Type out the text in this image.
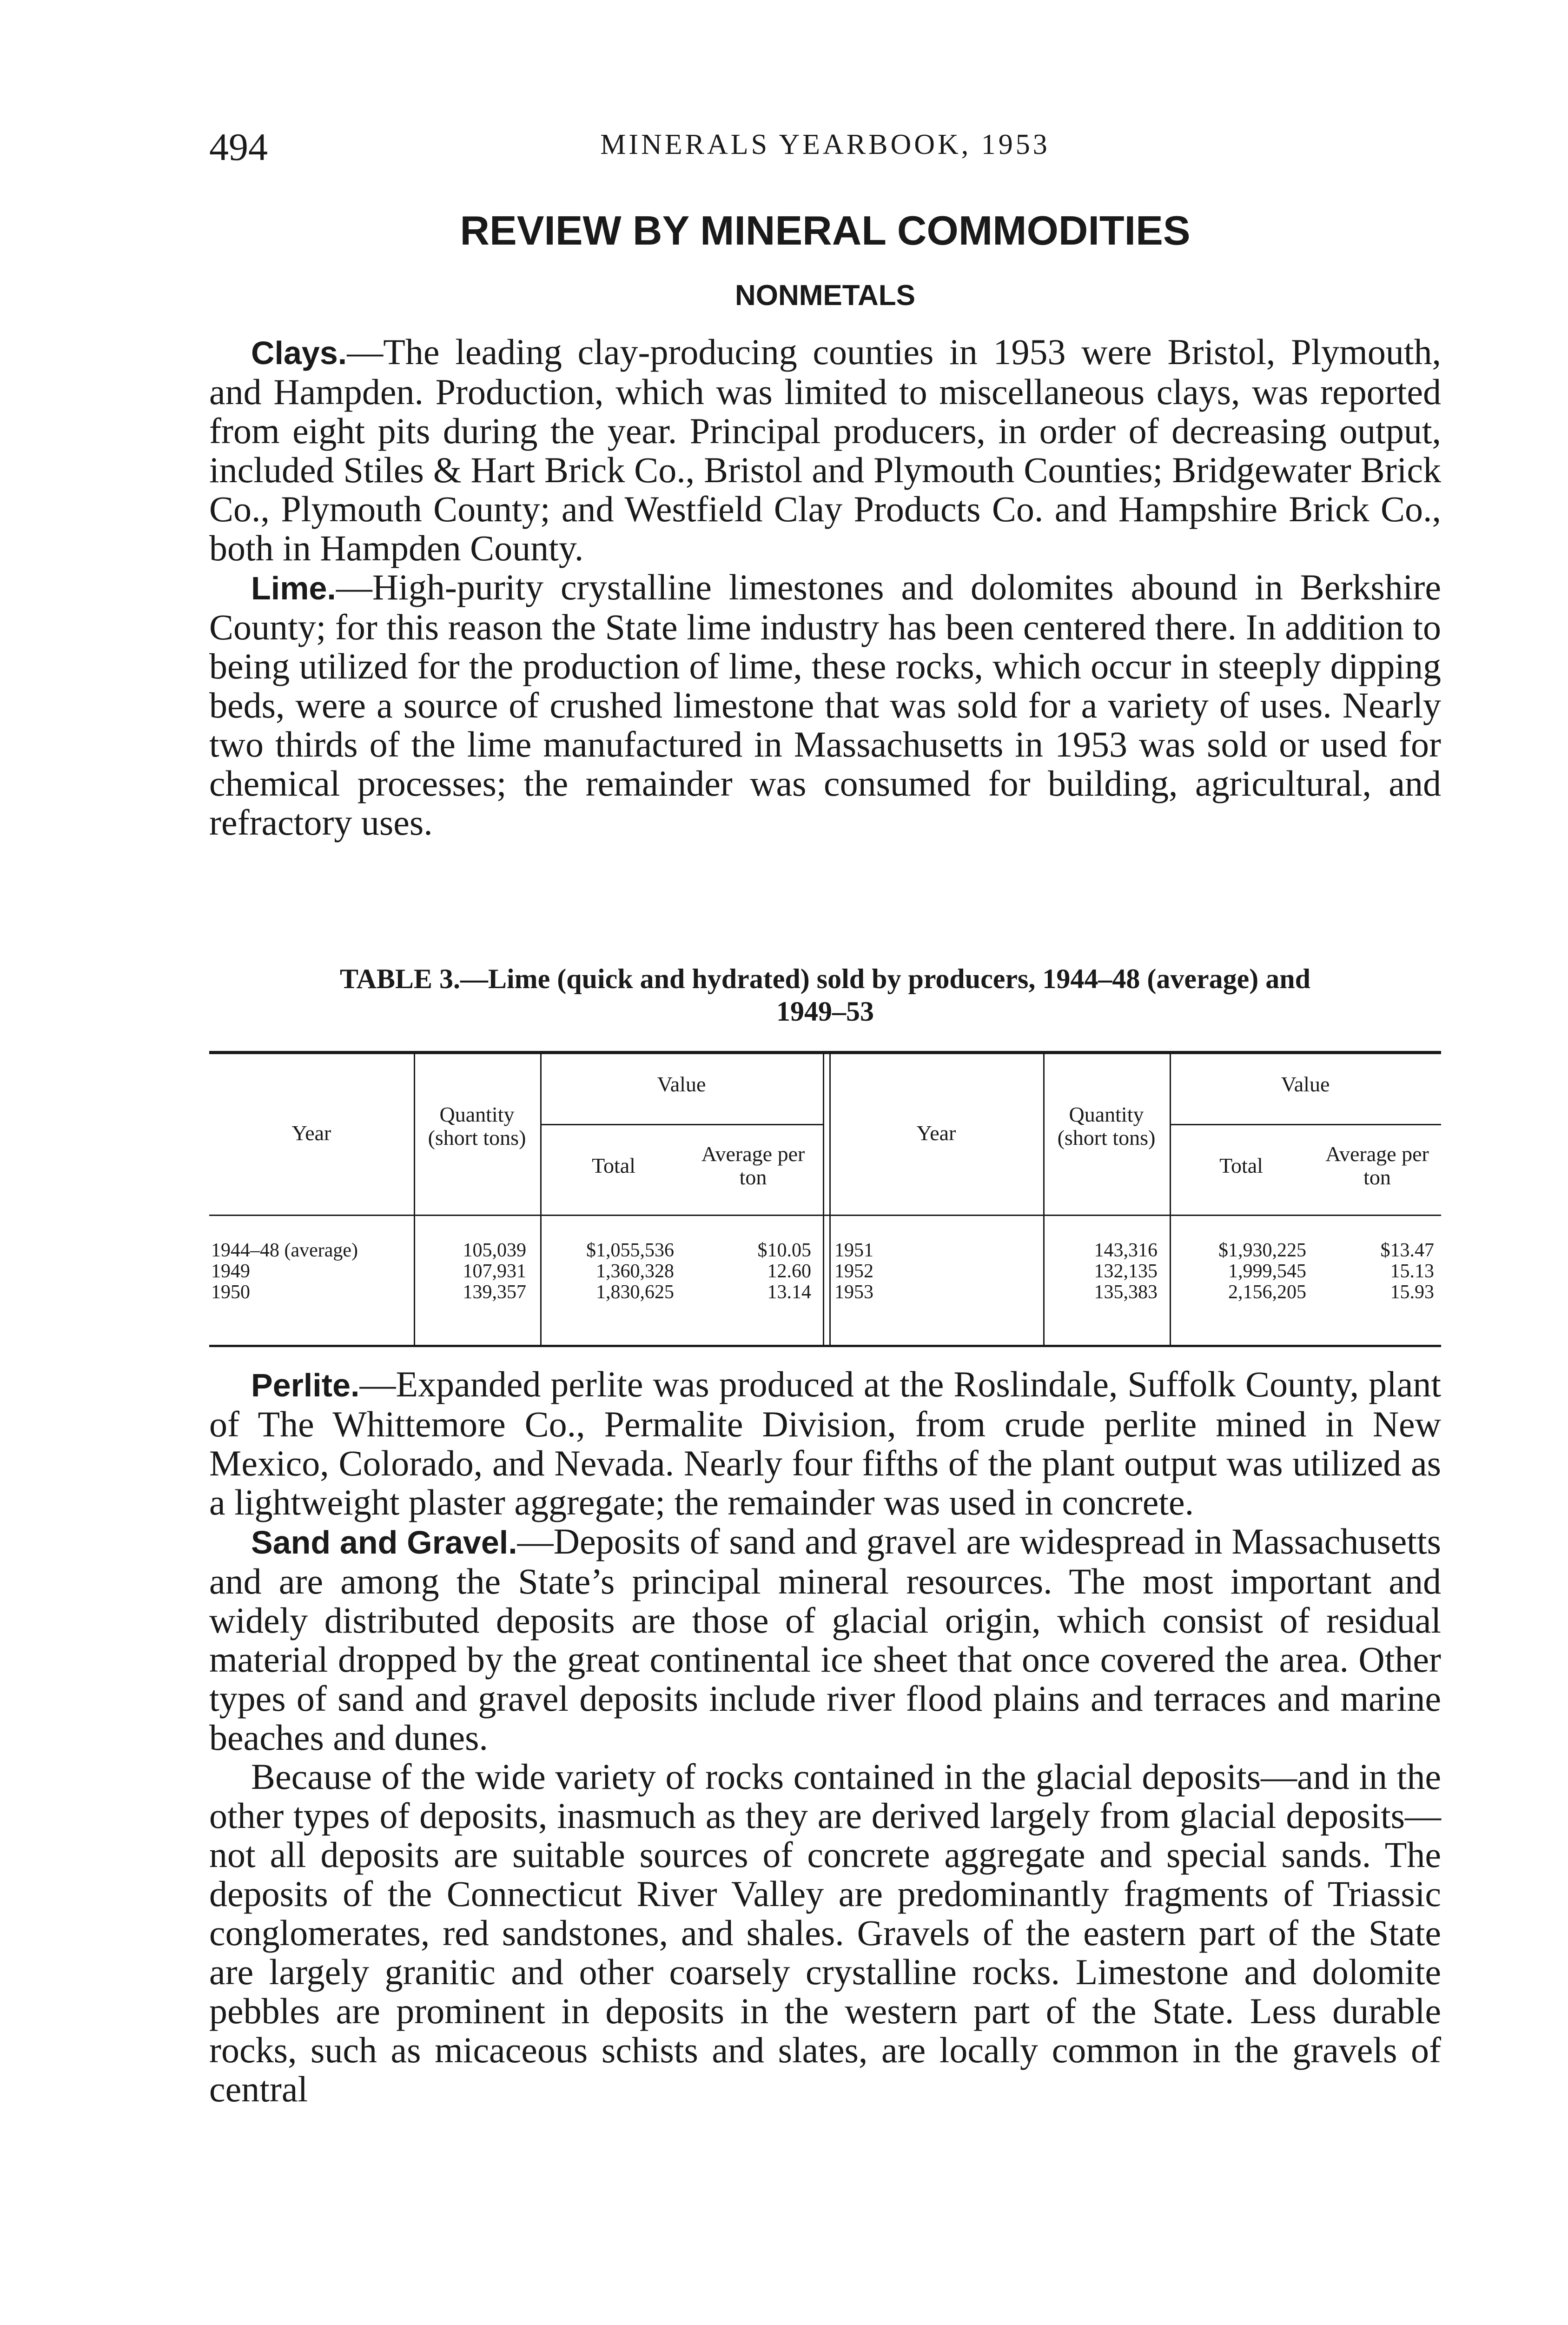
494	MINERALS YEARBOOK, 1953
REVIEW BY MINERAL COMMODITIES
NONMETALS

Clays.—The leading clay-producing counties in 1953 were Bristol, Plymouth, and Hampden. Production, which was limited to miscellaneous clays, was reported from eight pits during the year. Principal producers, in order of decreasing output, included Stiles & Hart Brick Co., Bristol and Plymouth Counties; Bridgewater Brick Co., Plymouth County; and Westfield Clay Products Co. and Hampshire Brick Co., both in Hampden County.

Lime.—High-purity crystalline limestones and dolomites abound in Berkshire County; for this reason the State lime industry has been centered there. In addition to being utilized for the production of lime, these rocks, which occur in steeply dipping beds, were a source of crushed limestone that was sold for a variety of uses. Nearly two thirds of the lime manufactured in Massachusetts in 1953 was sold or used for chemical processes; the remainder was consumed for building, agricultural, and refractory uses.

TABLE 3.—Lime (quick and hydrated) sold by producers, 1944–48 (average) and
1949–53
Year
Quantity (short tons)
Value
Total	Average per ton
Year
Quantity (short tons)
Value
Total	Average per ton
1944–48 (average)	105,039	$1,055,536	$10.05
1949	107,931	1,360,328	12.60
1950	139,357	1,830,625	13.14
1951	143,316	$1,930,225	$13.47
1952	132,135	1,999,545	15.13
1953	135,383	2,156,205	15.93

Perlite.—Expanded perlite was produced at the Roslindale, Suffolk County, plant of The Whittemore Co., Permalite Division, from crude perlite mined in New Mexico, Colorado, and Nevada. Nearly four fifths of the plant output was utilized as a lightweight plaster aggregate; the remainder was used in concrete.

Sand and Gravel.—Deposits of sand and gravel are widespread in Massachusetts and are among the State’s principal mineral resources. The most important and widely distributed deposits are those of glacial origin, which consist of residual material dropped by the great continental ice sheet that once covered the area. Other types of sand and gravel deposits include river flood plains and terraces and marine beaches and dunes.

Because of the wide variety of rocks contained in the glacial deposits—and in the other types of deposits, inasmuch as they are derived largely from glacial deposits—not all deposits are suitable sources of concrete aggregate and special sands. The deposits of the Connecticut River Valley are predominantly fragments of Triassic conglomerates, red sandstones, and shales. Gravels of the eastern part of the State are largely granitic and other coarsely crystalline rocks. Limestone and dolomite pebbles are prominent in deposits in the western part of the State. Less durable rocks, such as micaceous schists and slates, are locally common in the gravels of central
